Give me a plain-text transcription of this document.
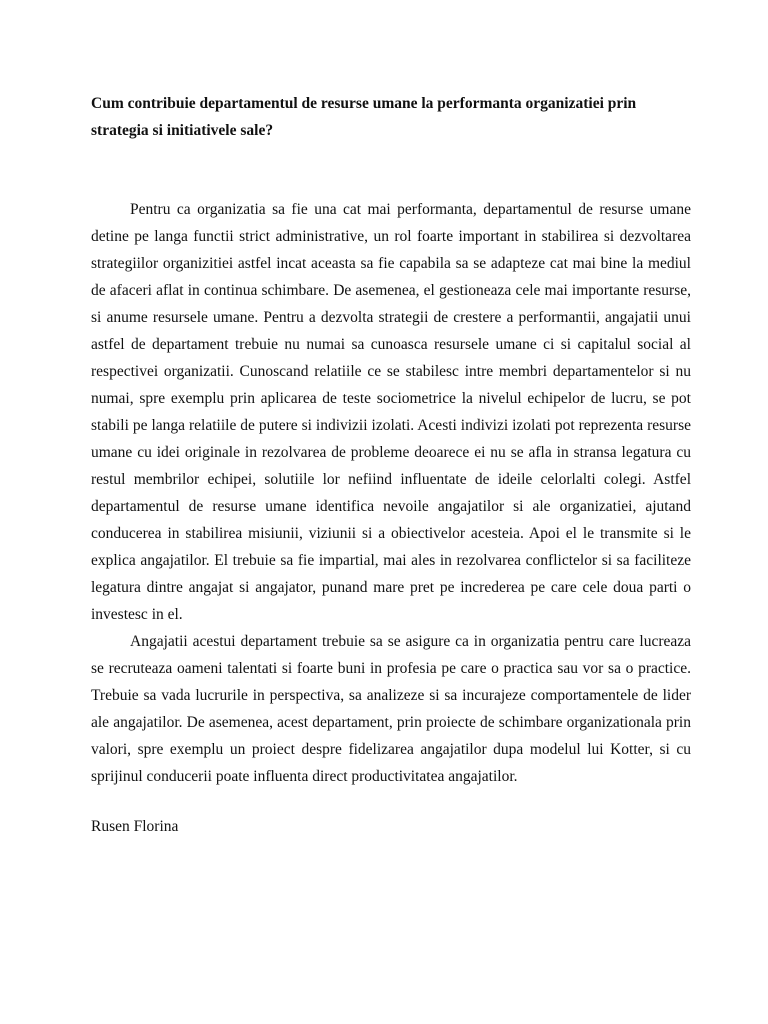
Cum contribuie departamentul de resurse umane la performanta organizatiei prin strategia si initiativele sale?

Pentru ca organizatia sa fie una cat mai performanta, departamentul de resurse umane detine pe langa functii strict administrative, un rol foarte important in stabilirea si dezvoltarea strategiilor organizitiei astfel incat aceasta sa fie capabila sa se adapteze cat mai bine la mediul de afaceri aflat in continua schimbare. De asemenea, el gestioneaza cele mai importante resurse, si anume resursele umane. Pentru a dezvolta strategii de crestere a performantii, angajatii unui astfel de departament trebuie nu numai sa cunoasca resursele umane ci si capitalul social al respectivei organizatii. Cunoscand relatiile ce se stabilesc intre membri departamentelor si nu numai, spre exemplu prin aplicarea de teste sociometrice la nivelul echipelor de lucru, se pot stabili pe langa relatiile de putere si indivizii izolati. Acesti indivizi izolati pot reprezenta resurse umane cu idei originale in rezolvarea de probleme deoarece ei nu se afla in stransa legatura cu restul membrilor echipei, solutiile lor nefiind influentate de ideile celorlalti colegi. Astfel departamentul de resurse umane identifica nevoile angajatilor si ale organizatiei, ajutand conducerea in stabilirea misiunii, viziunii si a obiectivelor acesteia. Apoi el le transmite si le explica angajatilor. El trebuie sa fie impartial, mai ales in rezolvarea conflictelor si sa faciliteze legatura dintre angajat si angajator, punand mare pret pe increderea pe care cele doua parti o investesc in el.

Angajatii acestui departament trebuie sa se asigure ca in organizatia pentru care lucreaza se recruteaza oameni talentati si foarte buni in profesia pe care o practica sau vor sa o practice. Trebuie sa vada lucrurile in perspectiva, sa analizeze si sa incurajeze comportamentele de lider ale angajatilor. De asemenea, acest departament, prin proiecte de schimbare organizationala prin valori, spre exemplu un proiect despre fidelizarea angajatilor dupa modelul lui Kotter, si cu sprijinul conducerii poate influenta direct productivitatea angajatilor.

Rusen Florina
